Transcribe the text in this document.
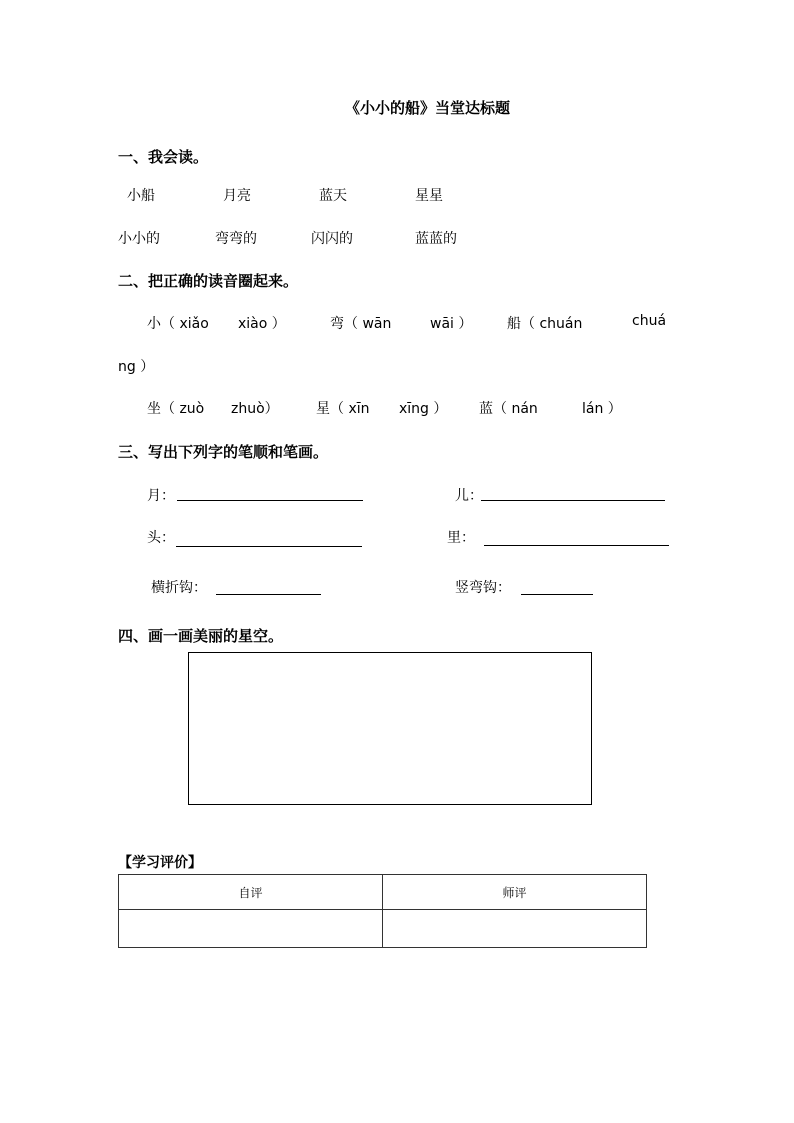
《小小的船》当堂达标题
一、我会读。
小船	月亮	蓝天	星星
小小的	弯弯的	闪闪的	蓝蓝的
二、把正确的读音圈起来。
小（ xiǎo xiào ）	弯（ wān	wāi ） 船（ chuán	chuá
ng ）
坐（ zuò zhuò）	星（ xīn xīng ） 蓝（ nán	lán ）
三、写出下列字的笔顺和笔画。
月：	儿：
头：	里：
横折钩：	竖弯钩：
四、画一画美丽的星空。
【学习评价】
自评	师评
